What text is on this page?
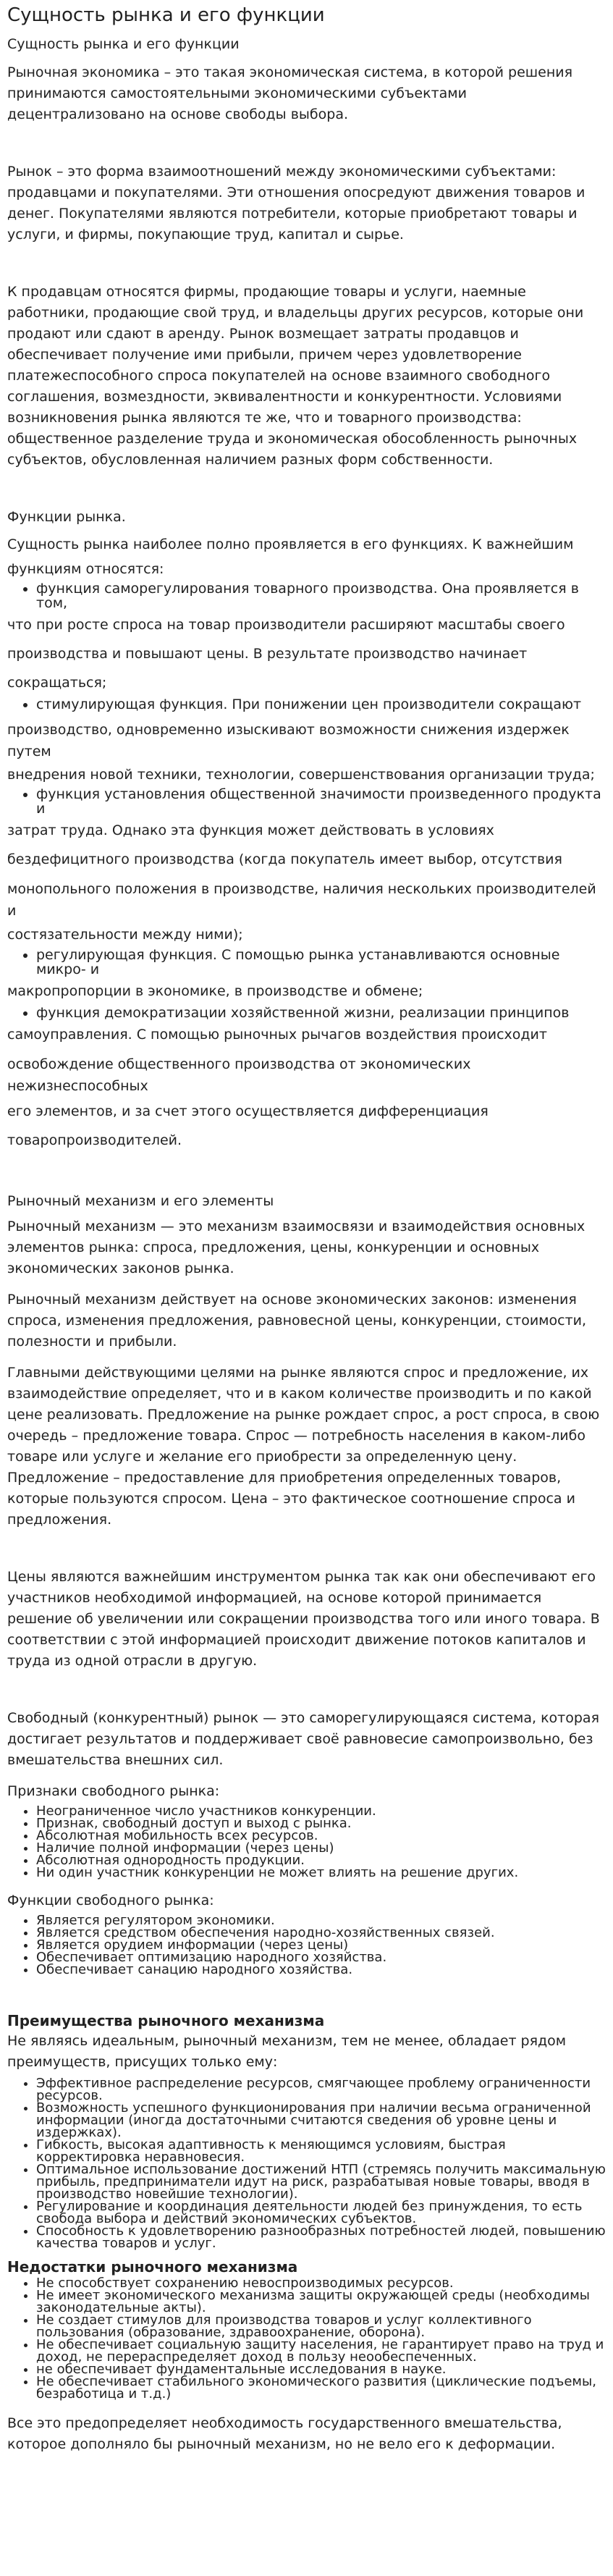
Сущность рынка и его функции
Сущность рынка и его функции

Рыночная экономика – это такая экономическая система, в которой решения принимаются самостоятельными экономическими субъектами децентрализовано на основе свободы выбора.

Рынок – это форма взаимоотношений между экономическими субъектами: продавцами и покупателями. Эти отношения опосредуют движения товаров и денег. Покупателями являются потребители, которые приобретают товары и услуги, и фирмы, покупающие труд, капитал и сырье.

К продавцам относятся фирмы, продающие товары и услуги, наемные работники, продающие свой труд, и владельцы других ресурсов, которые они продают или сдают в аренду. Рынок возмещает затраты продавцов и обеспечивает получение ими прибыли, причем через удовлетворение платежеспособного спроса покупателей на основе взаимного свободного соглашения, возмездности, эквивалентности и конкурентности. Условиями возникновения рынка являются те же, что и товарного производства: общественное разделение труда и экономическая обособленность рыночных субъектов, обусловленная наличием разных форм собственности.

Функции рынка.

Сущность рынка наиболее полно проявляется в его функциях. К важнейшим

функциям относятся:

• функция саморегулирования товарного производства. Она проявляется в том,

что при росте спроса на товар производители расширяют масштабы своего

производства и повышают цены. В результате производство начинает

сокращаться;

• стимулирующая функция. При понижении цен производители сокращают

производство, одновременно изыскивают возможности снижения издержек путем

внедрения новой техники, технологии, совершенствования организации труда;

• функция установления общественной значимости произведенного продукта и

затрат труда. Однако эта функция может действовать в условиях

бездефицитного производства (когда покупатель имеет выбор, отсутствия

монопольного положения в производстве, наличия нескольких производителей и

состязательности между ними);

• регулирующая функция. С помощью рынка устанавливаются основные микро- и

макропропорции в экономике, в производстве и обмене;

• функция демократизации хозяйственной жизни, реализации принципов

самоуправления. С помощью рыночных рычагов воздействия происходит

освобождение общественного производства от экономических нежизнеспособных

его элементов, и за счет этого осуществляется дифференциация

товаропроизводителей.

Рыночный механизм и его элементы

Рыночный механизм — это механизм взаимосвязи и взаимодействия основных элементов рынка: спроса, предложения, цены, конкуренции и основных экономических законов рынка.

Рыночный механизм действует на основе экономических законов: изменения спроса, изменения предложения, равновесной цены, конкуренции, стоимости, полезности и прибыли.

Главными действующими целями на рынке являются спрос и предложение, их взаимодействие определяет, что и в каком количестве производить и по какой цене реализовать. Предложение на рынке рождает спрос, а рост спроса, в свою очередь – предложение товара. Спрос — потребность населения в каком-либо товаре или услуге и желание его приобрести за определенную цену. Предложение – предоставление для приобретения определенных товаров, которые пользуются спросом. Цена – это фактическое соотношение спроса и предложения.

Цены являются важнейшим инструментом рынка так как они обеспечивают его участников необходимой информацией, на основе которой принимается решение об увеличении или сокращении производства того или иного товара. В соответствии с этой информацией происходит движение потоков капиталов и труда из одной отрасли в другую.

Свободный (конкурентный) рынок — это саморегулирующаяся система, которая достигает результатов и поддерживает своё равновесие самопроизвольно, без вмешательства внешних сил.

Признаки свободного рынка:

• Неограниченное число участников конкуренции.
• Признак, свободный доступ и выход с рынка.
• Абсолютная мобильность всех ресурсов.
• Наличие полной информации (через цены)
• Абсолютная однородность продукции.
• Ни один участник конкуренции не может влиять на решение других.

Функции свободного рынка:

• Является регулятором экономики.
• Является средством обеспечения народно-хозяйственных связей.
• Является орудием информации (через цены)
• Обеспечивает оптимизацию народного хозяйства.
• Обеспечивает санацию народного хозяйства.
Преимущества рыночного механизма

Не являясь идеальным, рыночный механизм, тем не менее, обладает рядом преимуществ, присущих только ему:

• Эффективное распределение ресурсов, смягчающее проблему ограниченности ресурсов.
• Возможность успешного функционирования при наличии весьма ограниченной информации (иногда достаточными считаются сведения об уровне цены и издержках).
• Гибкость, высокая адаптивность к меняющимся условиям, быстрая корректировка неравновесия.
• Оптимальное использование достижений НТП (стремясь получить максимальную прибыль, предприниматели идут на риск, разрабатывая новые товары, вводя в производство новейшие технологии).
• Регулирование и координация деятельности людей без принуждения, то есть свобода выбора и действий экономических субъектов.
• Способность к удовлетворению разнообразных потребностей людей, повышению качества товаров и услуг.
Недостатки рыночного механизма
• Не способствует сохранению невоспроизводимых ресурсов.
• Не имеет экономического механизма защиты окружающей среды (необходимы законодательные акты).
• Не создает стимулов для производства товаров и услуг коллективного пользования (образование, здравоохранение, оборона).
• Не обеспечивает социальную защиту населения, не гарантирует право на труд и доход, не перераспределяет доход в пользу неообеспеченных.
• не обеспечивает фундаментальные исследования в науке.
• Не обеспечивает стабильного экономического развития (циклические подъемы, безработица и т.д.)

Все это предопределяет необходимость государственного вмешательства, которое дополняло бы рыночный механизм, но не вело его к деформации.
